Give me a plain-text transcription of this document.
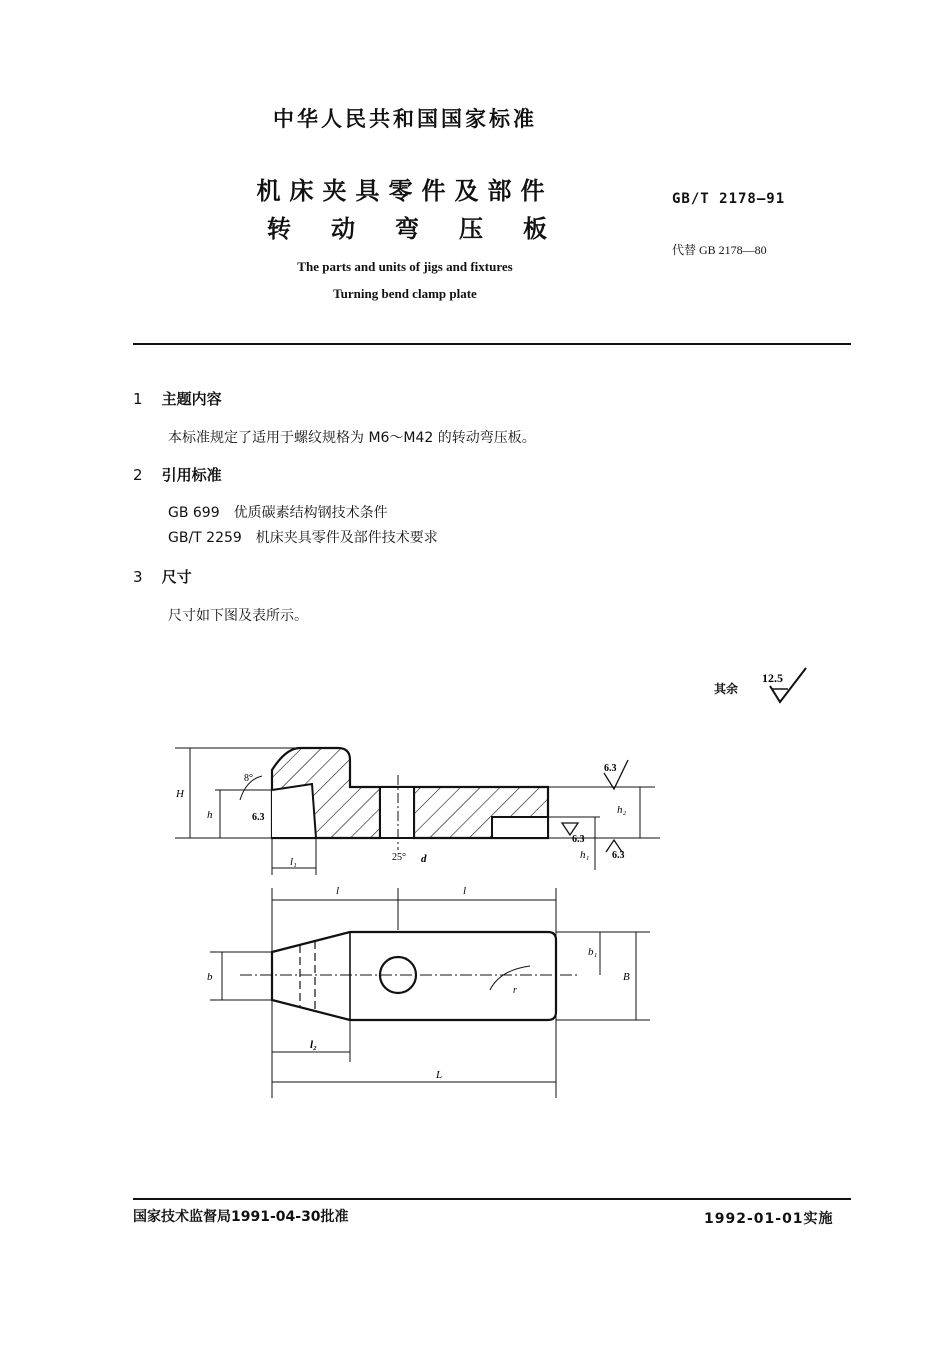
中华人民共和国国家标准
机床夹具零件及部件
转动弯压板
The parts and units of jigs and fixtures
Turning bend clamp plate
GB/T 2178—91
代替 GB 2178—80
1 主题内容
本标准规定了适用于螺纹规格为 M6～M42 的转动弯压板。
2 引用标准
GB 699　优质碳素结构钢技术条件
GB/T 2259　机床夹具零件及部件技术要求
3 尺寸
尺寸如下图及表所示。
其余
12.5
H
h
8°
6.3
l₁	25° d
h₂
h₁
6.3
6.3
6.3
l	l
r
b	B
b₁
l₂
L
国家技术监督局1991-04-30批准	1992-01-01实施
